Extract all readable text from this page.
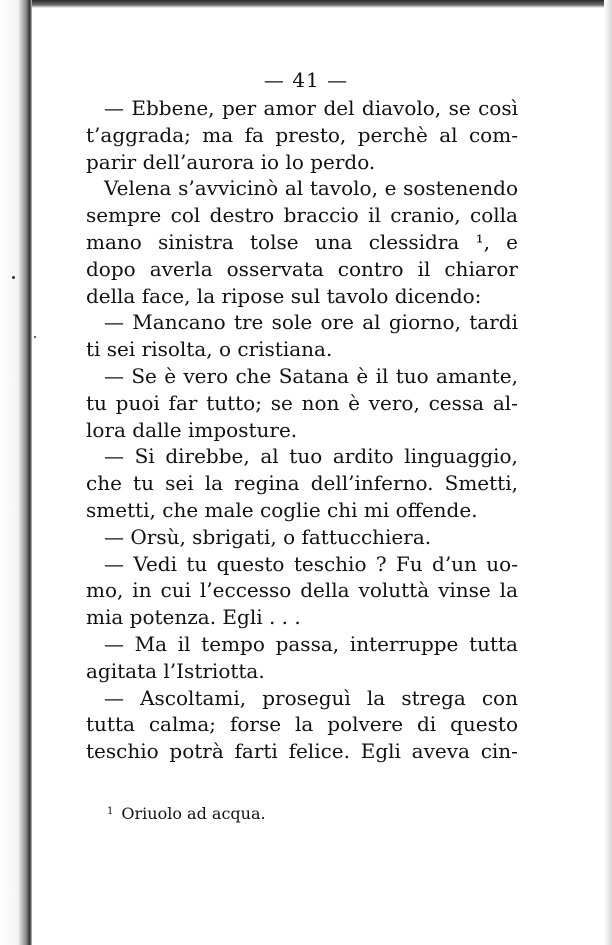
— 41 —
— Ebbene, per amor del diavolo, se così
t’aggrada; ma fa presto, perchè al com-
parir dell’aurora io lo perdo.
Velena s’avvicinò al tavolo, e sostenendo
sempre col destro braccio il cranio, colla
mano sinistra tolse una clessidra ¹, e
dopo averla osservata contro il chiaror
della face, la ripose sul tavolo dicendo:
— Mancano tre sole ore al giorno, tardi
ti sei risolta, o cristiana.
— Se è vero che Satana è il tuo amante,
tu puoi far tutto; se non è vero, cessa al-
lora dalle imposture.
— Si direbbe, al tuo ardito linguaggio,
che tu sei la regina dell’inferno. Smetti,
smetti, che male coglie chi mi offende.
— Orsù, sbrigati, o fattucchiera.
— Vedi tu questo teschio ? Fu d’un uo-
mo, in cui l’eccesso della voluttà vinse la
mia potenza. Egli . . .
— Ma il tempo passa, interruppe tutta
agitata l’Istriotta.
— Ascoltami, proseguì la strega con
tutta calma; forse la polvere di questo
teschio potrà farti felice. Egli aveva cin-
$^1$ Oriuolo ad acqua.
